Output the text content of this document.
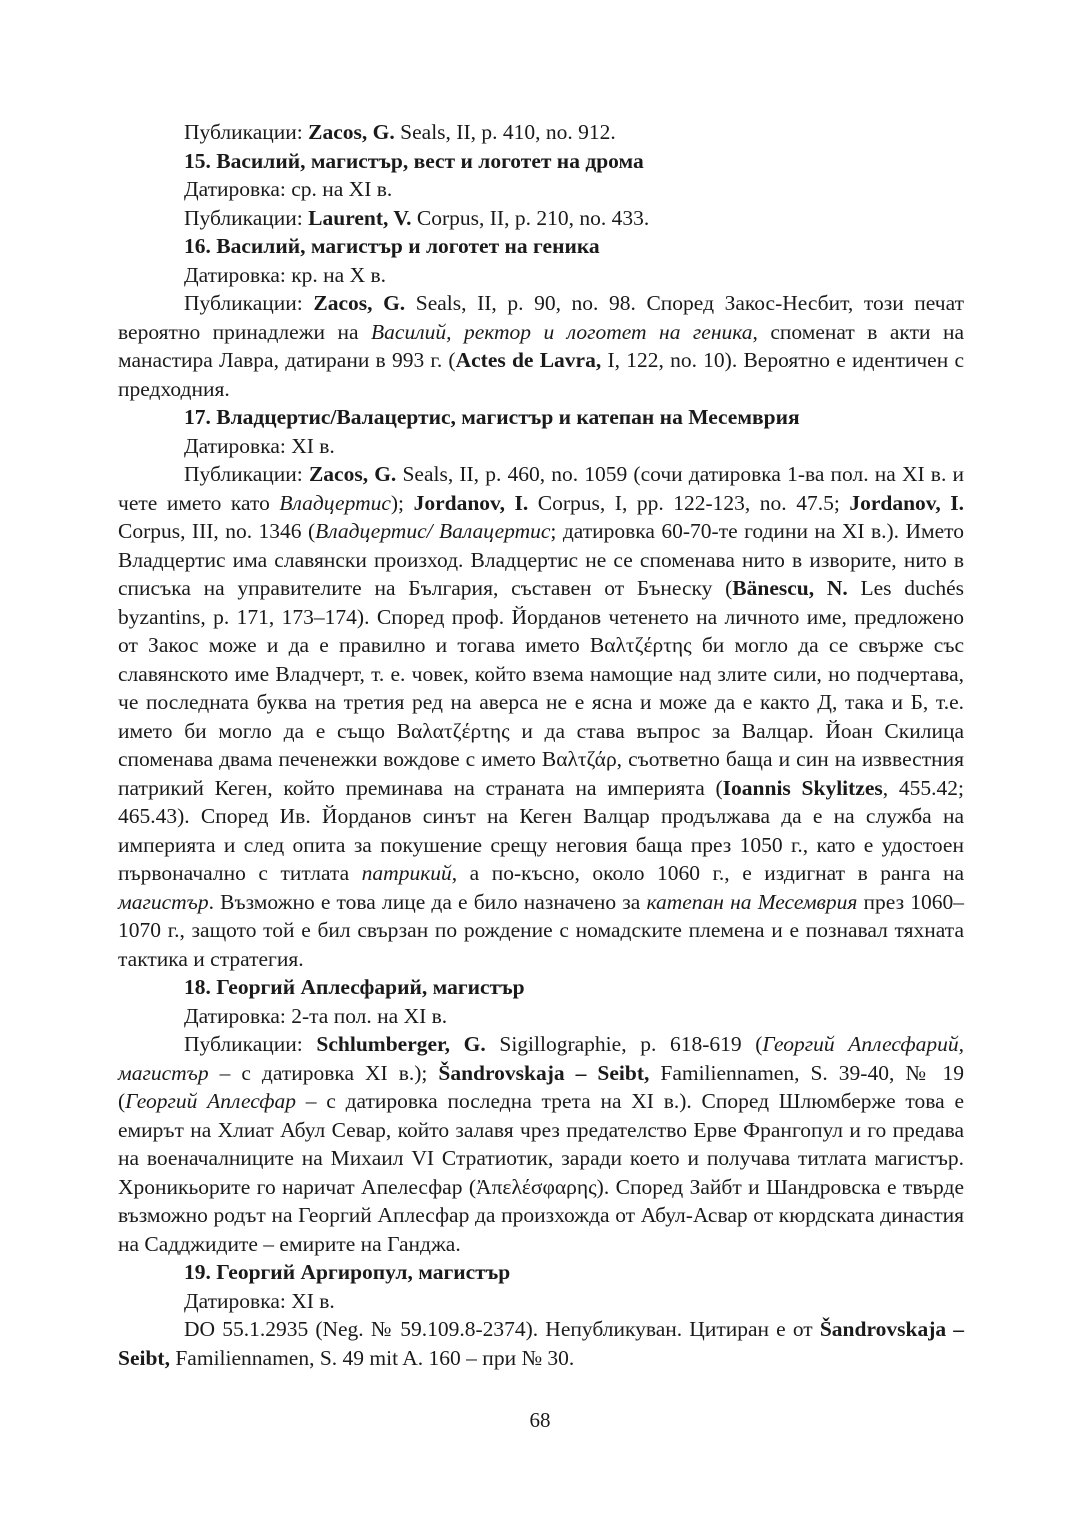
Публикации: Zacos, G. Seals, II, p. 410, no. 912.
15. Василий, магистър, вест и логотет на дрома
Датировка: ср. на XI в.
Публикации: Laurent, V. Corpus, II, p. 210, no. 433.
16. Василий, магистър и логотет на геника
Датировка: кр. на X в.
Публикации: Zacos, G. Seals, II, p. 90, no. 98. Според Закос-Несбит, този печат вероятно принадлежи на Василий, ректор и логотет на геника, споменат в акти на манастира Лавра, датирани в 993 г. (Actes de Lavra, I, 122, no. 10). Вероятно е идентичен с предходния.
17. Владцертис/Валацертис, магистър и катепан на Месемврия
Датировка: XI в.
Публикации: Zacos, G. Seals, II, p. 460, no. 1059 (сочи датировка 1-ва пол. на XI в. и чете името като Владцертис); Jordanov, I. Corpus, I, pp. 122-123, no. 47.5; Jordanov, I. Corpus, III, no. 1346 (Владцертис/ Валацертис; датировка 60-70-те години на XI в.). Името Владцертис има славянски произход. Владцертис не се споменава нито в изворите, нито в списъка на управителите на България, съставен от Бънеску (Bänescu, N. Les duchés byzantins, p. 171, 173–174). Според проф. Йорданов четенето на личното име, предложено от Закос може и да е правилно и тогава името Βαλτζέρτης би могло да се свърже със славянското име Владчерт, т. е. човек, който взема намощие над злите сили, но подчертава, че последната буква на третия ред на аверса не е ясна и може да е както Д, така и Б, т.е. името би могло да е също Βαλατζέρτης и да става въпрос за Валцар. Йоан Скилица споменава двама печенежки вождове с името Βαλτζάρ, съответно баща и син на изввестния патрикий Кеген, който преминава на страната на империята (Ioannis Skylitzes, 455.42; 465.43). Според Ив. Йорданов синът на Кеген Валцар продължава да е на служба на империята и след опита за покушение срещу неговия баща през 1050 г., като е удостоен първоначално с титлата патрикий, а по-късно, около 1060 г., е издигнат в ранга на магистър. Възможно е това лице да е било назначено за катепан на Месемврия през 1060–1070 г., защото той е бил свързан по рождение с номадските племена и е познавал тяхната тактика и стратегия.
18. Георгий Аплесфарий, магистър
Датировка: 2-та пол. на XI в.
Публикации: Schlumberger, G. Sigillographie, p. 618-619 (Георгий Аплесфарий, магистър – с датировка XI в.); Šandrovskaja – Seibt, Familiennamen, S. 39-40, № 19 (Георгий Аплесфар – с датировка последна трета на XI в.). Според Шлюмберже това е емирът на Хлиат Абул Севар, който залавя чрез предателство Ерве Франгопул и го предава на военачалниците на Михаил VI Стратиотик, заради което и получава титлата магистър. Хроникьорите го наричат Апелесфар (Ἀπελέσφαρης). Според Зайбт и Шандровска е твърде възможно родът на Георгий Аплесфар да произхожда от Абул-Асвар от кюрдската династия на Садджидите – емирите на Ганджа.
19. Георгий Аргиропул, магистър
Датировка: XI в.
DO 55.1.2935 (Neg. № 59.109.8-2374). Непубликуван. Цитиран е от Šandrovskaja – Seibt, Familiennamen, S. 49 mit A. 160 – при № 30.
68
